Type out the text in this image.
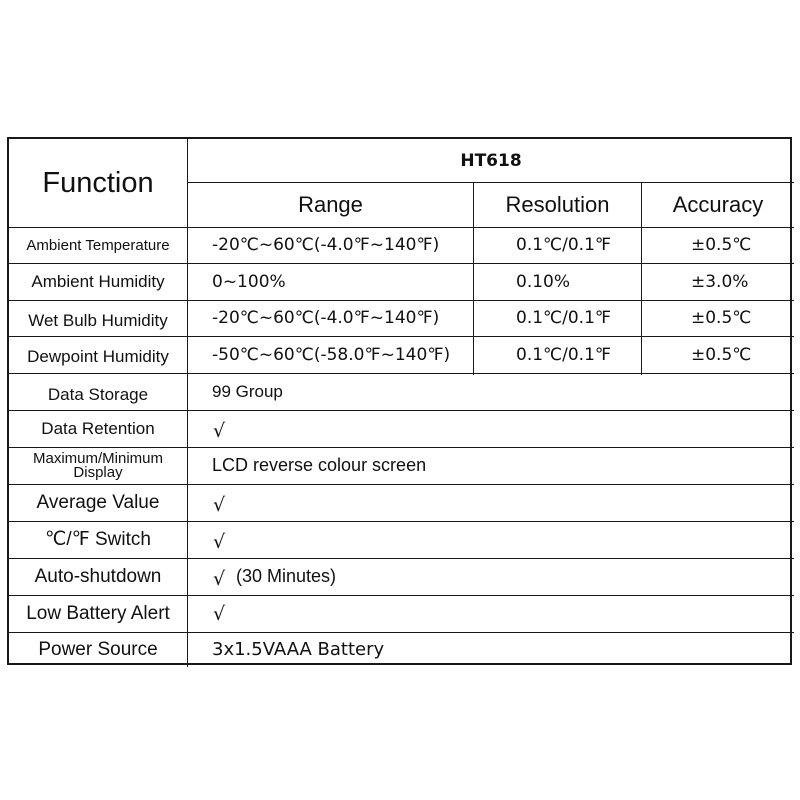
Function
HT618
Range	Resolution	Accuracy
Ambient Temperature	-20℃~60℃(-4.0℉~140℉)	0.1℃/0.1℉	±0.5℃
Ambient Humidity	0~100%	0.10%	±3.0%
Wet Bulb Humidity	-20℃~60℃(-4.0℉~140℉)	0.1℃/0.1℉	±0.5℃
Dewpoint Humidity	-50℃~60℃(-58.0℉~140℉)	0.1℃/0.1℉	±0.5℃
Data Storage	99 Group
Data Retention	√
Maximum/Minimum Display	LCD reverse colour screen
Average Value	√
℃/℉ Switch	√
Auto-shutdown	√ (30 Minutes)
Low Battery Alert	√
Power Source	3x1.5VAAA Battery
